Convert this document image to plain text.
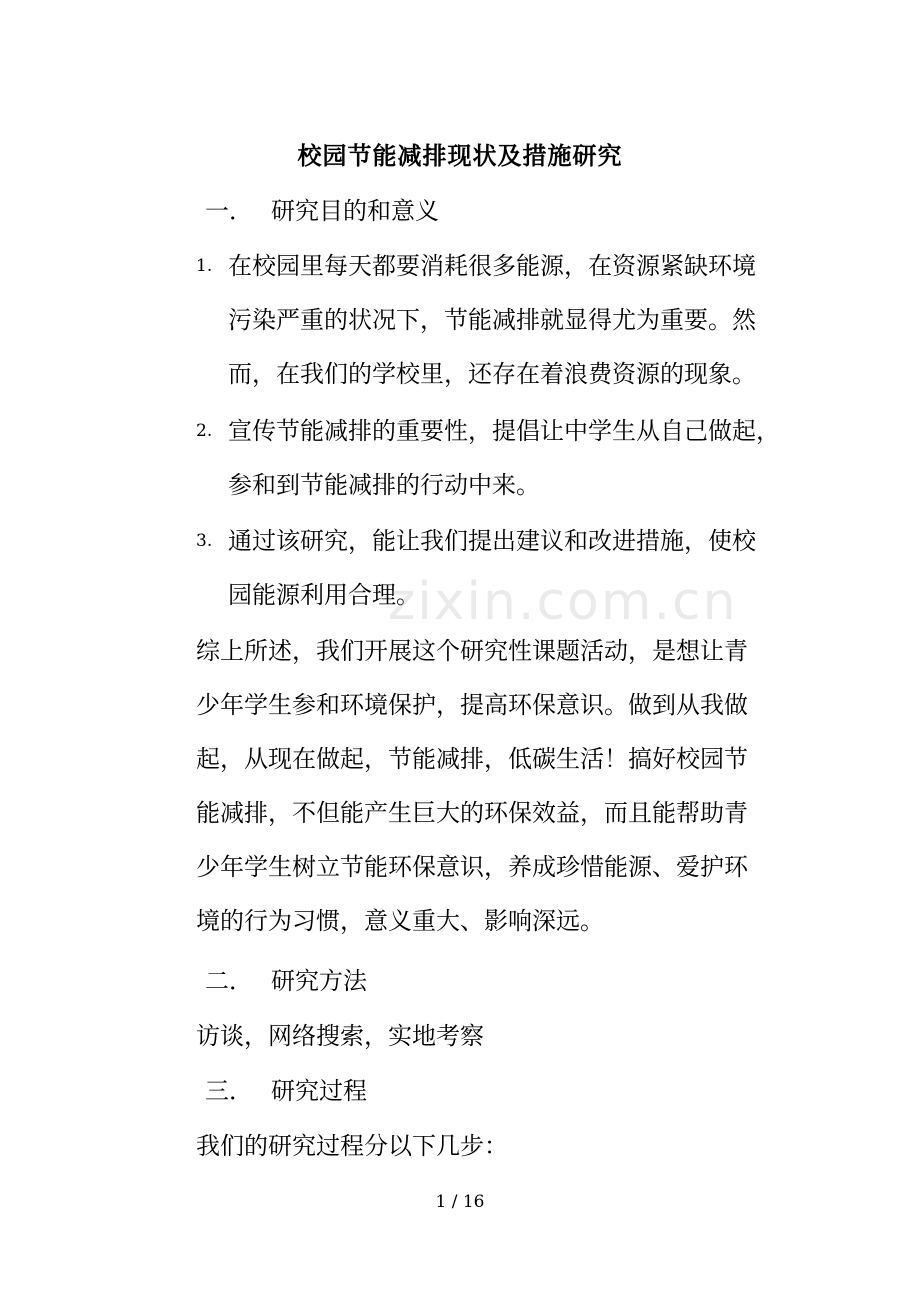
校园节能减排现状及措施研究
一． 研究目的和意义
1. 在校园里每天都要消耗很多能源，在资源紧缺环境
污染严重的状况下，节能减排就显得尤为重要。然
而，在我们的学校里，还存在着浪费资源的现象。
2. 宣传节能减排的重要性，提倡让中学生从自己做起，
参和到节能减排的行动中来。
3. 通过该研究，能让我们提出建议和改进措施，使校
园能源利用合理。
综上所述，我们开展这个研究性课题活动，是想让青
少年学生参和环境保护，提高环保意识。做到从我做
起，从现在做起，节能减排，低碳生活！搞好校园节
能减排，不但能产生巨大的环保效益，而且能帮助青
少年学生树立节能环保意识，养成珍惜能源、爱护环
境的行为习惯，意义重大、影响深远。
二． 研究方法
访谈，网络搜索，实地考察
三． 研究过程
我们的研究过程分以下几步：
zixin.com.cn
1 / 16
